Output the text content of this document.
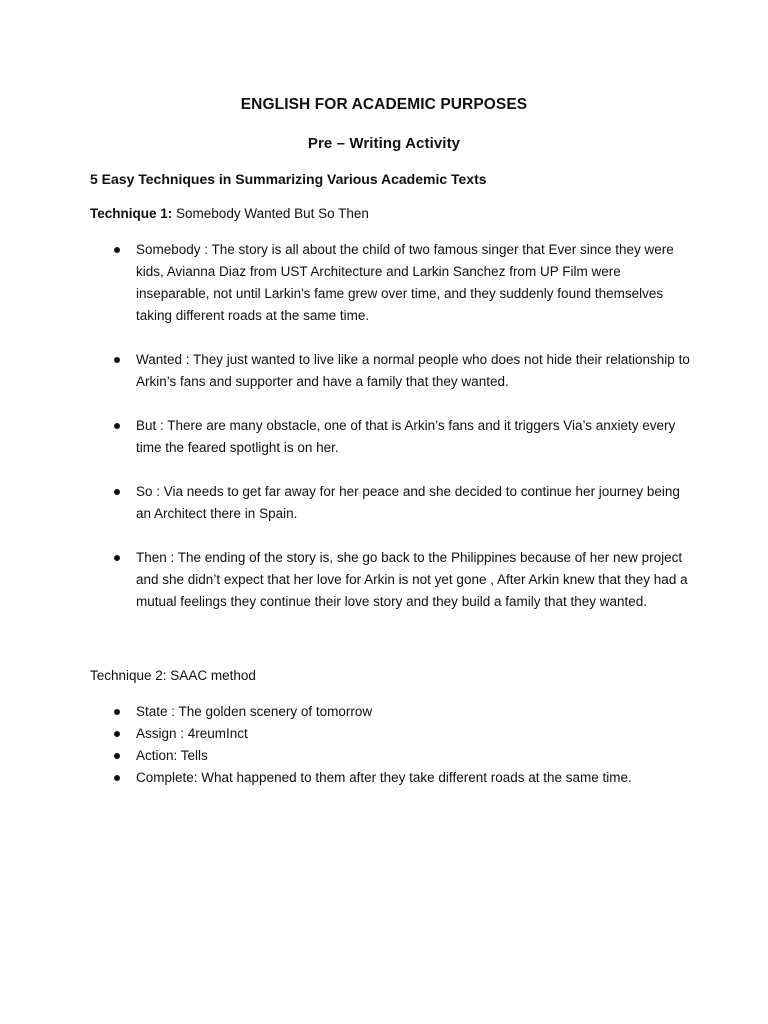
ENGLISH FOR ACADEMIC PURPOSES
Pre – Writing Activity
5 Easy Techniques in Summarizing Various Academic Texts
Technique 1: Somebody Wanted But So Then
Somebody : The story is all about the child of two famous singer that Ever since they were kids, Avianna Diaz from UST Architecture and Larkin Sanchez from UP Film were inseparable, not until Larkin's fame grew over time, and they suddenly found themselves taking different roads at the same time.
Wanted : They just wanted to live like a normal people who does not hide their relationship to Arkin’s fans and supporter and have a family that they wanted.
But : There are many obstacle, one of that is Arkin’s fans and it triggers Via’s anxiety every time the feared spotlight is on her.
So : Via needs to get far away for her peace and she decided to continue her journey being an Architect there in Spain.
Then : The ending of the story is, she go back to the Philippines because of her new project and she didn’t expect that her love for Arkin is not yet gone , After Arkin knew that they had a mutual feelings they continue their love story and they build a family that they wanted.
Technique 2: SAAC method
State : The golden scenery of tomorrow
Assign : 4reumInct
Action: Tells
Complete: What happened to them after they take different roads at the same time.
